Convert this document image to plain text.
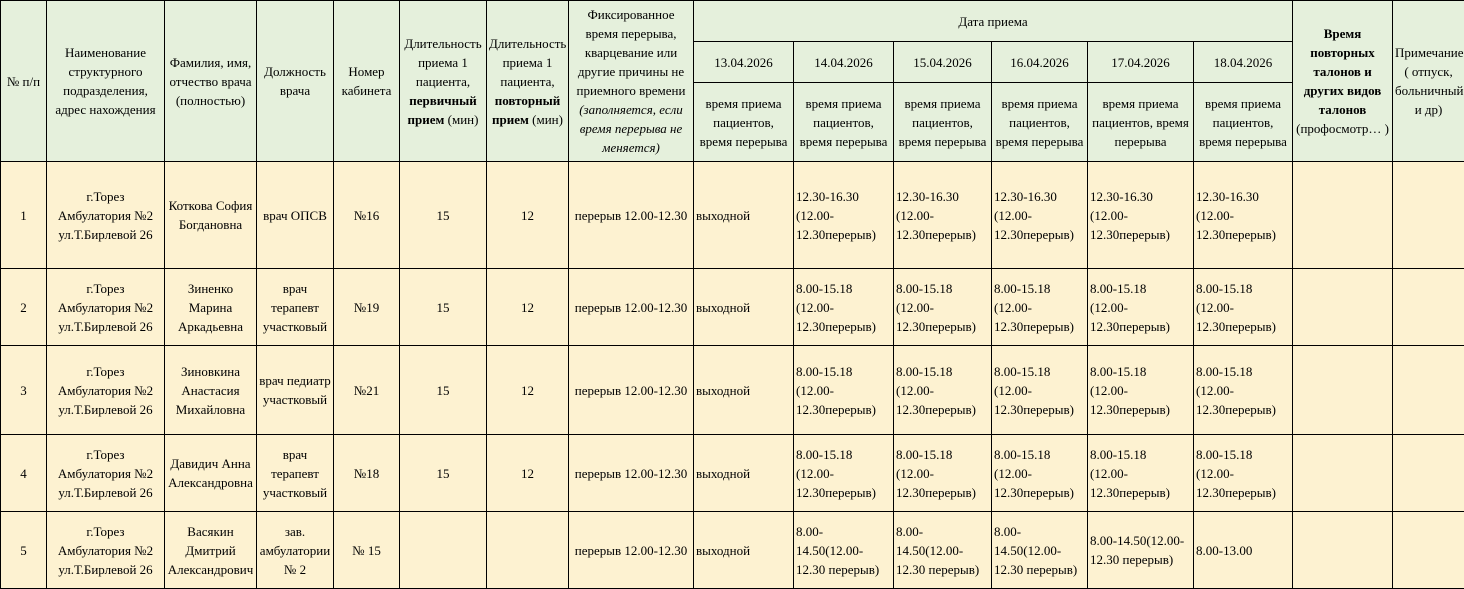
№ п/п	Наименование структурного подразделения, адрес нахождения	Фамилия, имя, отчество врача (полностью)	Должность врача	Номер кабинета	Длительность приема 1 пациента, первичный прием (мин)	Длительность приема 1 пациента, повторный прием (мин)	Фиксированное время перерыва, кварцевание или другие причины не приемного времени (заполняется, если время перерыва не меняется)	Дата приема						Время повторных талонов и других видов талонов (профосмотр… )	Примечание ( отпуск, больничный и др)
								13.04.2026	14.04.2026	15.04.2026	16.04.2026	17.04.2026	18.04.2026		
								время приема пациентов, время перерыва	время приема пациентов, время перерыва	время приема пациентов, время перерыва	время приема пациентов, время перерыва	время приема пациентов, время перерыва	время приема пациентов, время перерыва		
1	г.Торез Амбулатория №2 ул.Т.Бирлевой 26	Коткова София Богдановна	врач ОПСВ	№16	15	12	перерыв 12.00-12.30	выходной	12.30-16.30
(12.00-
12.30перерыв)	12.30-16.30
(12.00-
12.30перерыв)	12.30-16.30
(12.00-
12.30перерыв)	12.30-16.30
(12.00-
12.30перерыв)	12.30-16.30
(12.00-
12.30перерыв)		
2	г.Торез Амбулатория №2 ул.Т.Бирлевой 26	Зиненко Марина Аркадьевна	врач терапевт участковый	№19	15	12	перерыв 12.00-12.30	выходной	8.00-15.18
(12.00-
12.30перерыв)	8.00-15.18
(12.00-
12.30перерыв)	8.00-15.18
(12.00-
12.30перерыв)	8.00-15.18
(12.00-
12.30перерыв)	8.00-15.18
(12.00-
12.30перерыв)		
3	г.Торез Амбулатория №2 ул.Т.Бирлевой 26	Зиновкина Анастасия Михайловна	врач педиатр участковый	№21	15	12	перерыв 12.00-12.30	выходной	8.00-15.18
(12.00-
12.30перерыв)	8.00-15.18
(12.00-
12.30перерыв)	8.00-15.18
(12.00-
12.30перерыв)	8.00-15.18
(12.00-
12.30перерыв)	8.00-15.18
(12.00-
12.30перерыв)		
4	г.Торез Амбулатория №2 ул.Т.Бирлевой 26	Давидич Анна Александровна	врач терапевт участковый	№18	15	12	перерыв 12.00-12.30	выходной	8.00-15.18
(12.00-
12.30перерыв)	8.00-15.18
(12.00-
12.30перерыв)	8.00-15.18
(12.00-
12.30перерыв)	8.00-15.18
(12.00-
12.30перерыв)	8.00-15.18
(12.00-
12.30перерыв)		
5	г.Торез Амбулатория №2 ул.Т.Бирлевой 26	Васякин Дмитрий Александрович	зав. амбулатории № 2	№ 15			перерыв 12.00-12.30	выходной	8.00-
14.50(12.00-
12.30 перерыв)	8.00-
14.50(12.00-
12.30 перерыв)	8.00-
14.50(12.00-
12.30 перерыв)	8.00-14.50(12.00-
12.30 перерыв)	8.00-13.00		
